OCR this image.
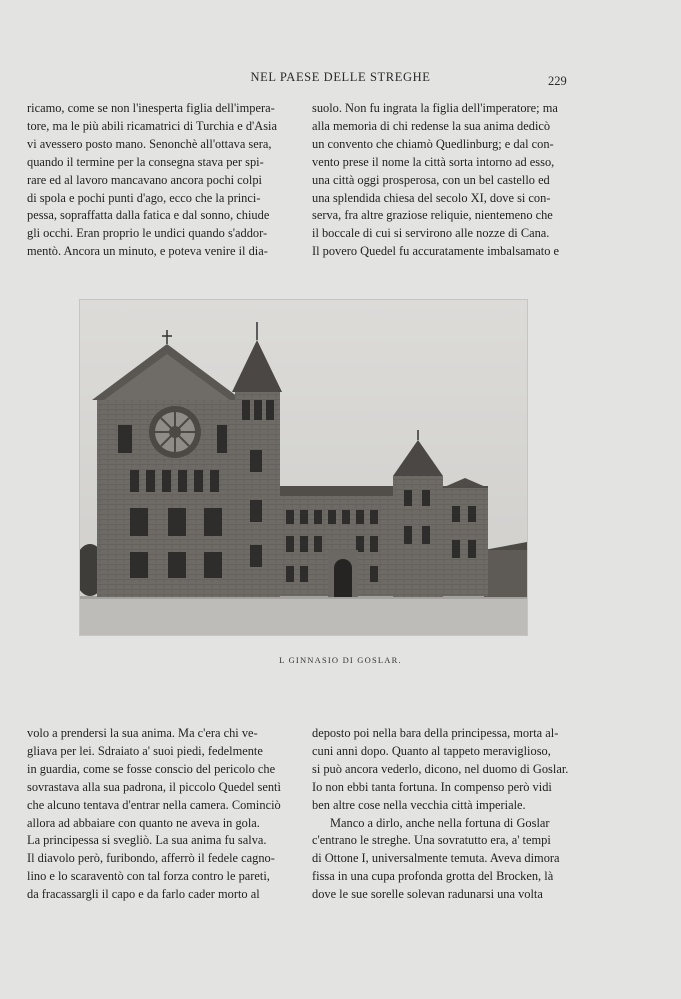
NEL PAESE DELLE STREGHE	229

ricamo, come se non l'inesperta figlia dell'impera-

tore, ma le più abili ricamatrici di Turchia e d'Asia

vi avessero posto mano. Senonchè all'ottava sera,

quando il termine per la consegna stava per spi-

rare ed al lavoro mancavano ancora pochi colpi

di spola e pochi punti d'ago, ecco che la princi-

pessa, sopraffatta dalla fatica e dal sonno, chiude

gli occhi. Eran proprio le undici quando s'addor-

mentò. Ancora un minuto, e poteva venire il dia-

suolo. Non fu ingrata la figlia dell'imperatore; ma

alla memoria di chi redense la sua anima dedicò

un convento che chiamò Quedlinburg; e dal con-

vento prese il nome la città sorta intorno ad esso,

una città oggi prosperosa, con un bel castello ed

una splendida chiesa del secolo XI, dove si con-

serva, fra altre graziose reliquie, nientemeno che

il boccale di cui si servirono alle nozze di Cana.

Il povero Quedel fu accuratamente imbalsamato e

L GINNASIO DI GOSLAR.

volo a prendersi la sua anima. Ma c'era chi ve-

gliava per lei. Sdraiato a' suoi piedi, fedelmente

in guardia, come se fosse conscio del pericolo che

sovrastava alla sua padrona, il piccolo Quedel sentì

che alcuno tentava d'entrar nella camera. Cominciò

allora ad abbaiare con quanto ne aveva in gola.

La principessa si svegliò. La sua anima fu salva.

Il diavolo però, furibondo, afferrò il fedele cagno-

lino e lo scaraventò con tal forza contro le pareti,

da fracassargli il capo e da farlo cader morto al

deposto poi nella bara della principessa, morta al-

cuni anni dopo. Quanto al tappeto meraviglioso,

si può ancora vederlo, dicono, nel duomo di Goslar.

Io non ebbi tanta fortuna. In compenso però vidi

ben altre cose nella vecchia città imperiale.

Manco a dirlo, anche nella fortuna di Goslar

c'entrano le streghe. Una sovratutto era, a' tempi

di Ottone I, universalmente temuta. Aveva dimora

fissa in una cupa profonda grotta del Brocken, là

dove le sue sorelle solevan radunarsi una volta
